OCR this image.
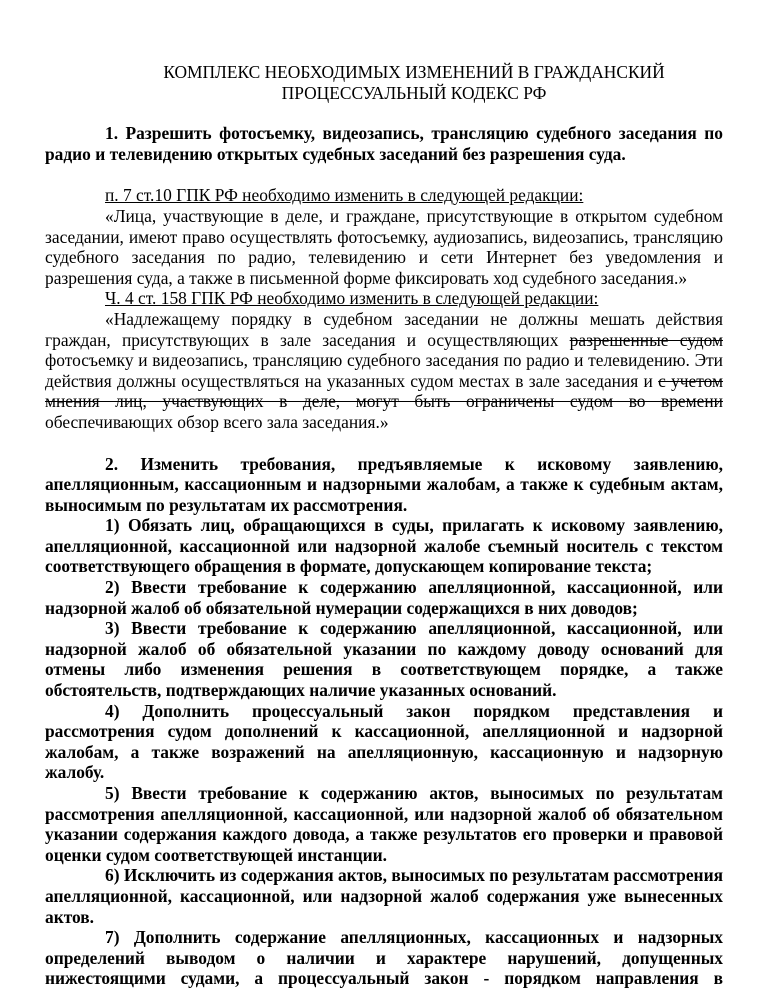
КОМПЛЕКС НЕОБХОДИМЫХ ИЗМЕНЕНИЙ В ГРАЖДАНСКИЙ
ПРОЦЕССУАЛЬНЫЙ КОДЕКС РФ

1. Разрешить фотосъемку, видеозапись, трансляцию судебного заседания по радио и телевидению открытых судебных заседаний без разрешения суда.

п. 7 ст.10 ГПК РФ необходимо изменить в следующей редакции:

«Лица, участвующие в деле, и граждане, присутствующие в открытом судебном заседании, имеют право осуществлять фотосъемку, аудиозапись, видеозапись, трансляцию судебного заседания по радио, телевидению и сети Интернет без уведомления и разрешения суда, а также в письменной форме фиксировать ход судебного заседания.»

Ч. 4 ст. 158 ГПК РФ необходимо изменить в следующей редакции:

«Надлежащему порядку в судебном заседании не должны мешать действия граждан, присутствующих в зале заседания и осуществляющих разрешенные судом фотосъемку и видеозапись, трансляцию судебного заседания по радио и телевидению. Эти действия должны осуществляться на указанных судом местах в зале заседания и с учетом мнения лиц, участвующих в деле, могут быть ограничены судом во времени обеспечивающих обзор всего зала заседания.»

2. Изменить требования, предъявляемые к исковому заявлению, апелляционным, кассационным и надзорными жалобам, а также к судебным актам, выносимым по результатам их рассмотрения.

1) Обязать лиц, обращающихся в суды, прилагать к исковому заявлению, апелляционной, кассационной или надзорной жалобе съемный носитель с текстом соответствующего обращения в формате, допускающем копирование текста;

2) Ввести требование к содержанию апелляционной, кассационной, или надзорной жалоб об обязательной нумерации содержащихся в них доводов;

3) Ввести требование к содержанию апелляционной, кассационной, или надзорной жалоб об обязательной указании по каждому доводу оснований для отмены либо изменения решения в соответствующем порядке, а также обстоятельств, подтверждающих наличие указанных оснований.

4) Дополнить процессуальный закон порядком представления и рассмотрения судом дополнений к кассационной, апелляционной и надзорной жалобам, а также возражений на апелляционную, кассационную и надзорную жалобу.

5) Ввести требование к содержанию актов, выносимых по результатам рассмотрения апелляционной, кассационной, или надзорной жалоб об обязательном указании содержания каждого довода, а также результатов его проверки и правовой оценки судом соответствующей инстанции.

6) Исключить из содержания актов, выносимых по результатам рассмотрения апелляционной, кассационной, или надзорной жалоб содержания уже вынесенных актов.

7) Дополнить содержание апелляционных, кассационных и надзорных определений выводом о наличии и характере нарушений, допущенных нижестоящими судами, а процессуальный закон - порядком направления в
